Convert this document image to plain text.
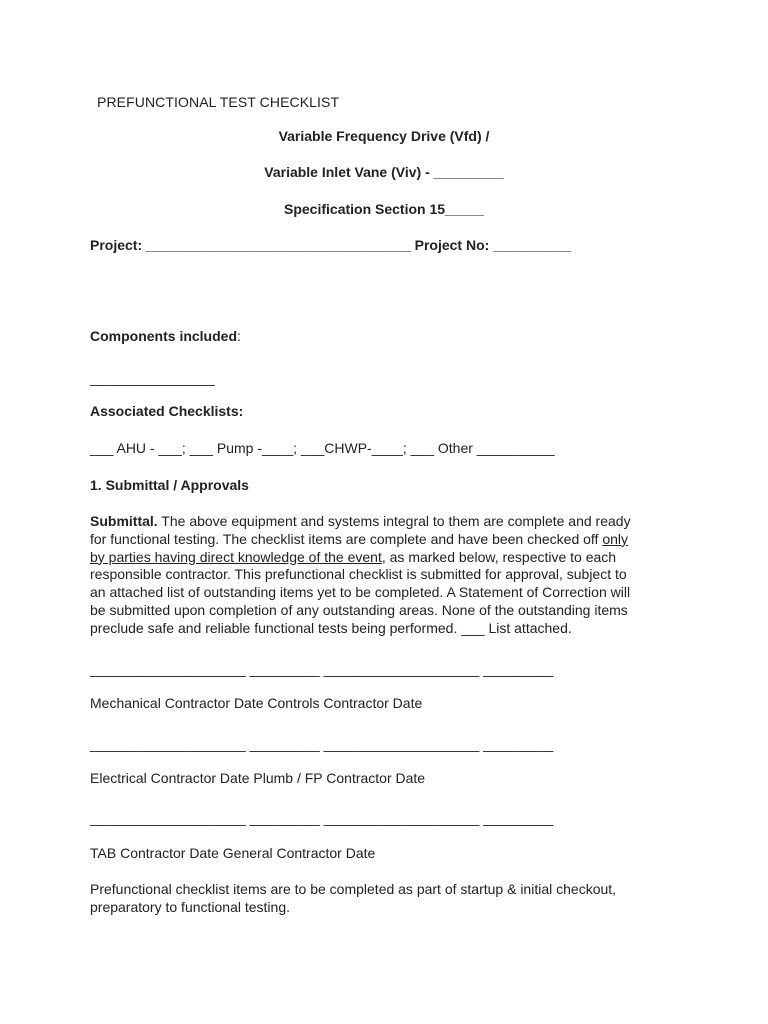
PREFUNCTIONAL TEST CHECKLIST
Variable Frequency Drive (Vfd) /
Variable Inlet Vane (Viv) - _________
Specification Section 15_____
Project: __________________________________ Project No: __________
Components included:
________________
Associated Checklists:
___ AHU - ___; ___ Pump -____; ___CHWP-____; ___ Other __________
1. Submittal / Approvals
Submittal. The above equipment and systems integral to them are complete and ready
for functional testing. The checklist items are complete and have been checked off only
by parties having direct knowledge of the event, as marked below, respective to each
responsible contractor. This prefunctional checklist is submitted for approval, subject to
an attached list of outstanding items yet to be completed. A Statement of Correction will
be submitted upon completion of any outstanding areas. None of the outstanding items
preclude safe and reliable functional tests being performed. ___ List attached.
____________________ _________ ____________________ _________
Mechanical Contractor Date Controls Contractor Date
____________________ _________ ____________________ _________
Electrical Contractor Date Plumb / FP Contractor Date
____________________ _________ ____________________ _________
TAB Contractor Date General Contractor Date
Prefunctional checklist items are to be completed as part of startup & initial checkout,
preparatory to functional testing.
